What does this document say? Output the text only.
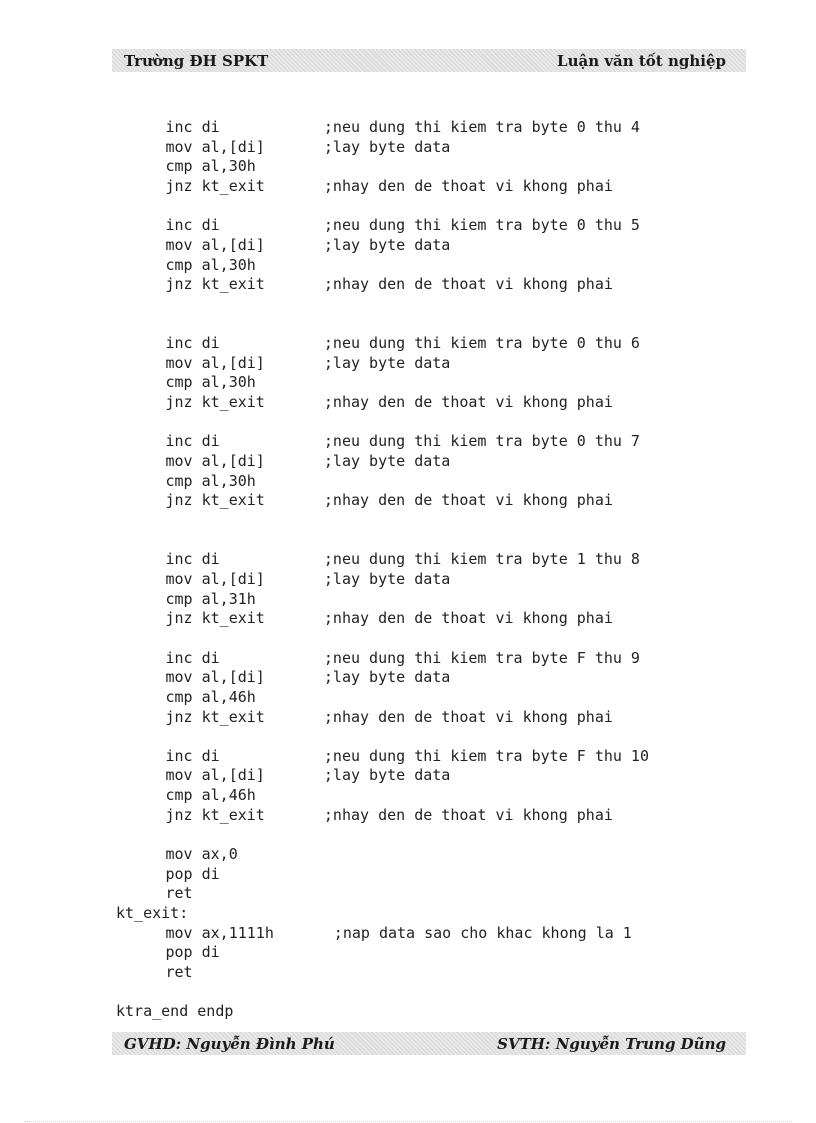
Trường ĐH SPKT	Luận văn tốt nghiệp
inc di	;neu dung thi kiem tra byte 0 thu 4
mov al,[di]	;lay byte data
cmp al,30h
jnz kt_exit	;nhay den de thoat vi khong phai
inc di	;neu dung thi kiem tra byte 0 thu 5
mov al,[di]	;lay byte data
cmp al,30h
jnz kt_exit	;nhay den de thoat vi khong phai
inc di	;neu dung thi kiem tra byte 0 thu 6
mov al,[di]	;lay byte data
cmp al,30h
jnz kt_exit	;nhay den de thoat vi khong phai
inc di	;neu dung thi kiem tra byte 0 thu 7
mov al,[di]	;lay byte data
cmp al,30h
jnz kt_exit	;nhay den de thoat vi khong phai
inc di	;neu dung thi kiem tra byte 1 thu 8
mov al,[di]	;lay byte data
cmp al,31h
jnz kt_exit	;nhay den de thoat vi khong phai
inc di	;neu dung thi kiem tra byte F thu 9
mov al,[di]	;lay byte data
cmp al,46h
jnz kt_exit	;nhay den de thoat vi khong phai
inc di	;neu dung thi kiem tra byte F thu 10
mov al,[di]	;lay byte data
cmp al,46h
jnz kt_exit	;nhay den de thoat vi khong phai
mov ax,0
pop di
ret
kt_exit:
mov ax,1111h	;nap data sao cho khac khong la 1
pop di
ret
ktra_end endp
GVHD: Nguyễn Đình Phú	SVTH: Nguyễn Trung Dũng
